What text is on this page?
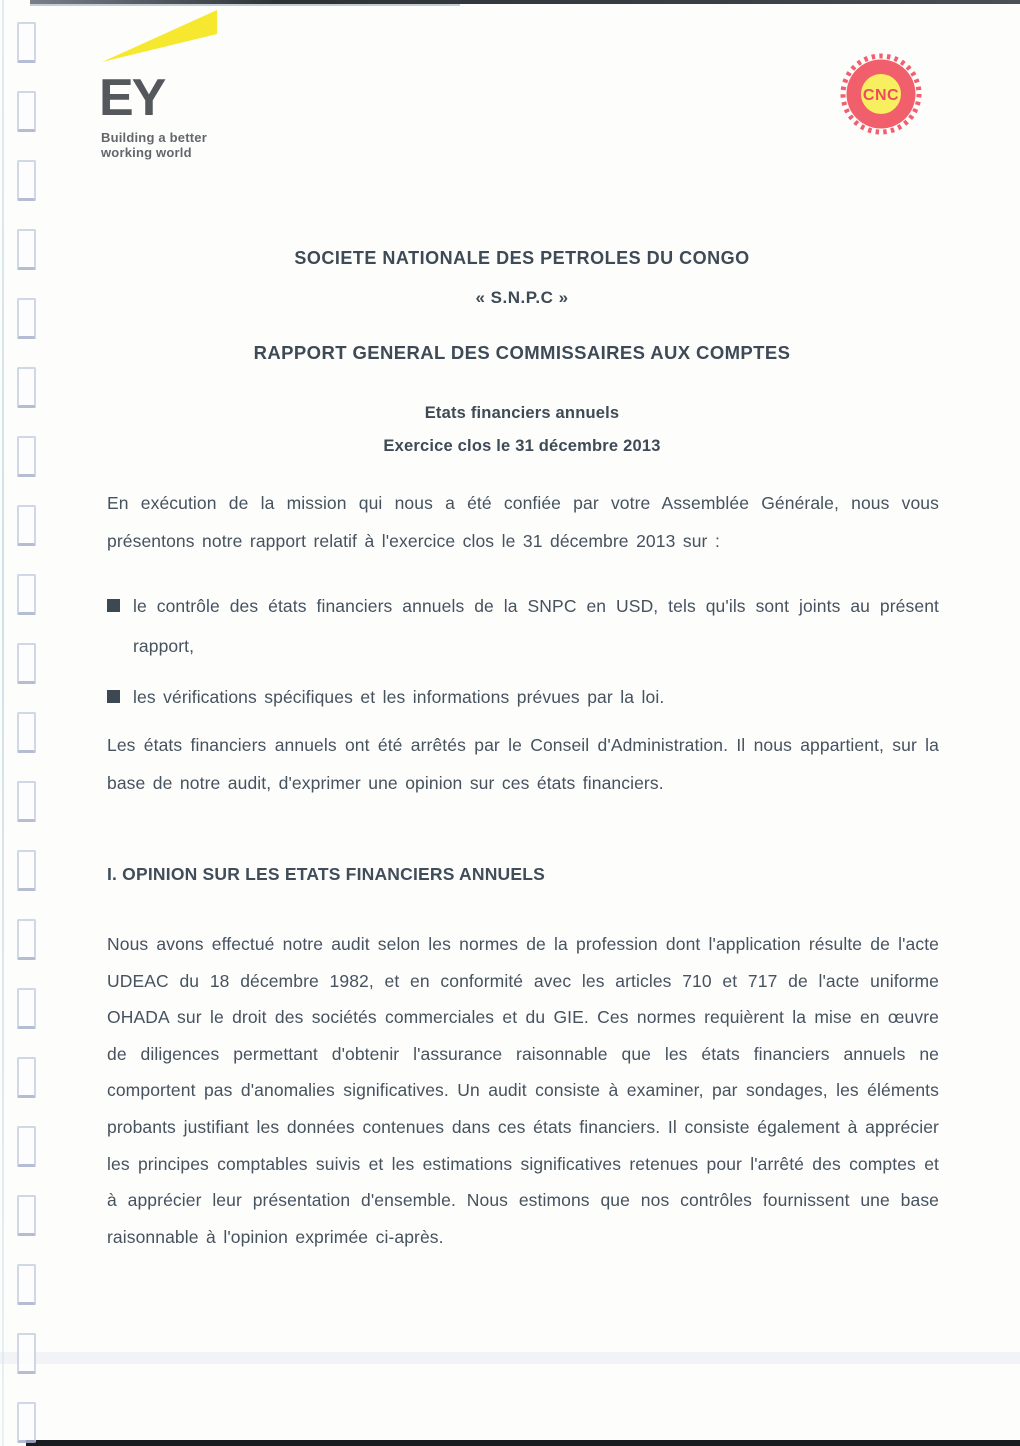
EY
Building a better
working world
CNC
SOCIETE NATIONALE DES PETROLES DU CONGO
« S.N.P.C »
RAPPORT GENERAL DES COMMISSAIRES AUX COMPTES
Etats financiers annuels
Exercice clos le 31 décembre 2013
En exécution de la mission qui nous a été confiée par votre Assemblée Générale, nous vous présentons notre rapport relatif à l'exercice clos le 31 décembre 2013 sur :
le contrôle des états financiers annuels de la SNPC en USD, tels qu'ils sont joints au présent rapport,
les vérifications spécifiques et les informations prévues par la loi.
Les états financiers annuels ont été arrêtés par le Conseil d'Administration. Il nous appartient, sur la base de notre audit, d'exprimer une opinion sur ces états financiers.
I. OPINION SUR LES ETATS FINANCIERS ANNUELS
Nous avons effectué notre audit selon les normes de la profession dont l'application résulte de l'acte UDEAC du 18 décembre 1982, et en conformité avec les articles 710 et 717 de l'acte uniforme OHADA sur le droit des sociétés commerciales et du GIE. Ces normes requièrent la mise en œuvre de diligences permettant d'obtenir l'assurance raisonnable que les états financiers annuels ne comportent pas d'anomalies significatives. Un audit consiste à examiner, par sondages, les éléments probants justifiant les données contenues dans ces états financiers. Il consiste également à apprécier les principes comptables suivis et les estimations significatives retenues pour l'arrêté des comptes et à apprécier leur présentation d'ensemble. Nous estimons que nos contrôles fournissent une base raisonnable à l'opinion exprimée ci-après.
